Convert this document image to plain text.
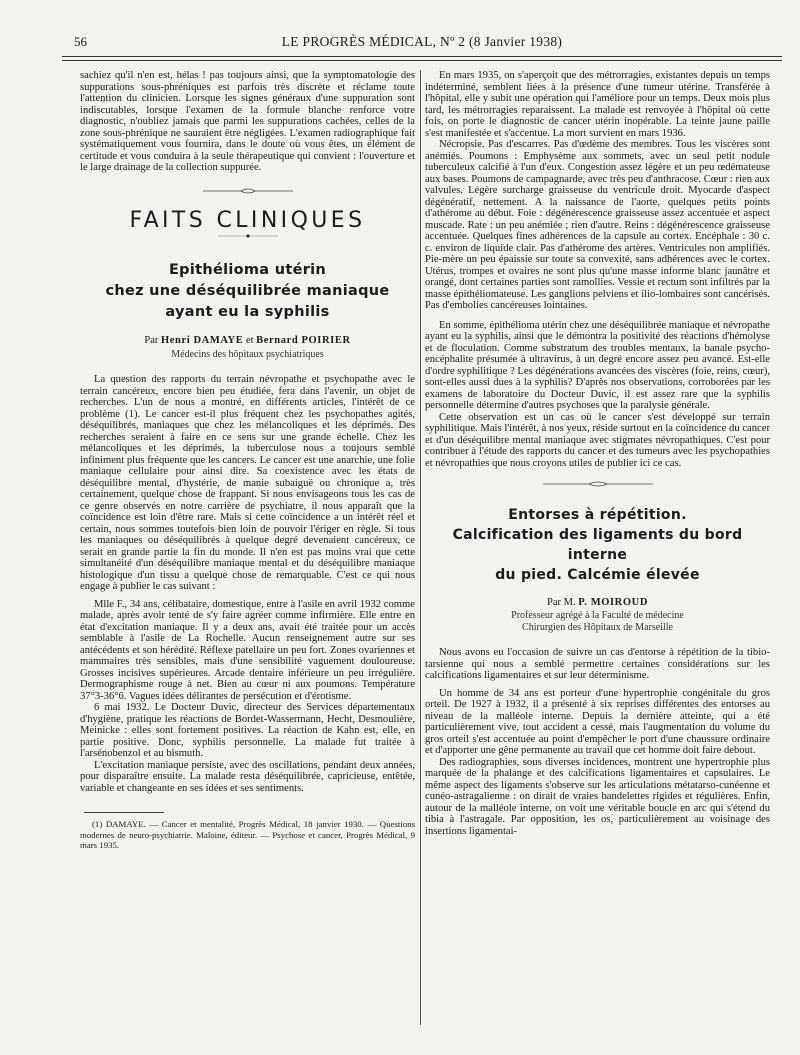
56	LE PROGRÈS MÉDICAL, Nº 2 (8 Janvier 1938)

sachiez qu'il n'en est, hélas ! pas toujours ainsi, que la symptomatologie des suppurations sous-phréniques est parfois très discrète et réclame toute l'attention du clinicien. Lorsque les signes généraux d'une suppuration sont indiscutables, lorsque l'examen de la formule blanche renforce votre diagnostic, n'oubliez jamais que parmi les suppurations cachées, celles de la zone sous-phrénique ne sauraient être négligées. L'examen radiographique fait systématiquement vous fournira, dans le doute où vous êtes, un élément de certitude et vous conduira à la seule thérapeutique qui convient : l'ouverture et le large drainage de la collection suppurée.

FAITS CLINIQUES
Epithélioma utérin
chez une déséquilibrée maniaque
ayant eu la syphilis
Par Henri DAMAYE et Bernard POIRIER
Médecins des hôpitaux psychiatriques

La question des rapports du terrain névropathe et psychopathe avec le terrain cancéreux, encore bien peu étudiée, fera dans l'avenir, un objet de recherches. L'un de nous a montré, en différents articles, l'intérêt de ce problème (1). Le cancer est-il plus fréquent chez les psychopathes agités, déséquilibrés, maniaques que chez les mélancoliques et les déprimés. Des recherches seraient à faire en ce sens sur une grande échelle. Chez les mélancoliques et les déprimés, la tuberculose nous a toujours semblé infiniment plus fréquente que les cancers. Le cancer est une anarchie, une folie maniaque cellulaire pour ainsi dire. Sa coexistence avec les états de déséquilibre mental, d'hystérie, de manie subaiguë ou chronique a, très certainement, quelque chose de frappant. Si nous envisageons tous les cas de ce genre observés en notre carrière de psychiatre, il nous apparaît que la coïncidence est loin d'être rare. Mais si cette coïncidence a un intérêt réel et certain, nous sommes toutefois bien loin de pouvoir l'ériger en règle. Si tous les maniaques ou déséquilibrés à quelque degré devenaient cancéreux, ce serait en grande partie la fin du monde. Il n'en est pas moins vrai que cette simultanéité d'un déséquilibre maniaque mental et du déséquilibre maniaque histologique d'un tissu a quelque chose de remarquable. C'est ce qui nous engage à publier le cas suivant :

Mlle F., 34 ans, célibataire, domestique, entre à l'asile en avril 1932 comme malade, après avoir tenté de s'y faire agréer comme infirmière. Elle entre en état d'excitation maniaque. Il y a deux ans, avait été traitée pour un accès semblable à l'asile de La Rochelle. Aucun renseignement autre sur ses antécédents et son hérédité. Réflexe patellaire un peu fort. Zones ovariennes et mammaires très sensibles, mais d'une sensibilité vaguement douloureuse. Grosses incisives supérieures. Arcade dentaire inférieure un peu irrégulière. Dermographisme rouge à net. Bien au cœur ni aux poumons. Température 37°3-36°6. Vagues idées délirantes de persécution et d'érotisme.

6 mai 1932. Le Docteur Duvic, directeur des Services départementaux d'hygiène, pratique les réactions de Bordet-Wassermann, Hecht, Desmoulière, Meinicke : elles sont fortement positives. La réaction de Kahn est, elle, en partie positive. Donc, syphilis personnelle. La malade fut traitée à l'arsénobenzol et au bismuth.

L'excitation maniaque persiste, avec des oscillations, pendant deux années, pour disparaître ensuite. La malade resta déséquilibrée, capricieuse, entêtée, variable et changeante en ses idées et ses sentiments.

(1) DAMAYE. — Cancer et mentalité, Progrès Médical, 18 janvier 1930. — Questions modernes de neuro-psychiatrie. Maloine, éditeur. — Psychose et cancer, Progrès Médical, 9 mars 1935.

En mars 1935, on s'aperçoit que des métrorragies, existantes depuis un temps indéterminé, semblent liées à la présence d'une tumeur utérine. Transférée à l'hôpital, elle y subit une opération qui l'améliore pour un temps. Deux mois plus tard, les métrorragies reparaissent. La malade est renvoyée à l'hôpital où cette fois, on porte le diagnostic de cancer utérin inopérable. La teinte jaune paille s'est manifestée et s'accentue. La mort survient en mars 1936.

Nécropsie. Pas d'escarres. Pas d'œdème des membres. Tous les viscères sont anémiés. Poumons : Emphysème aux sommets, avec un seul petit nodule tuberculeux calcifié à l'un d'eux. Congestion assez légère et un peu œdémateuse aux bases. Poumons de campagnarde, avec très peu d'anthracose. Cœur : rien aux valvules. Légère surcharge graisseuse du ventricule droit. Myocarde d'aspect dégénératif, nettement. A la naissance de l'aorte, quelques petits points d'athérome au début. Foie : dégénérescence graisseuse assez accentuée et aspect muscade. Rate : un peu anémiée ; rien d'autre. Reins : dégénérescence graisseuse accentuée. Quelques fines adhérences de la capsule au cortex. Encéphale : 30 c. c. environ de liquide clair. Pas d'athérome des artères. Ventricules non amplifiés. Pie-mère un peu épaissie sur toute sa convexité, sans adhérences avec le cortex. Utérus, trompes et ovaires ne sont plus qu'une masse informe blanc jaunâtre et orangé, dont certaines parties sont ramollies. Vessie et rectum sont infiltrés par la masse épithéliomateuse. Les ganglions pelviens et ilio-lombaires sont cancérisés. Pas d'embolies cancéreuses lointaines.

En somme, épithélioma utérin chez une déséquilibrée maniaque et névropathe ayant eu la syphilis, ainsi que le démontra la positivité des réactions d'hémolyse et de floculation. Comme substratum des troubles mentaux, la banale psycho-encéphalite présumée à ultravirus, à un degré encore assez peu avancé. Est-elle d'ordre syphilitique ? Les dégénérations avancées des viscères (foie, reins, cœur), sont-elles aussi dues à la syphilis? D'après nos observations, corroborées par les examens de laboratoire du Docteur Duvic, il est assez rare que la syphilis personnelle détermine d'autres psychoses que la paralysie générale.

Cette observation est un cas où le cancer s'est développé sur terrain syphilitique. Mais l'intérêt, à nos yeux, réside surtout en la coïncidence du cancer et d'un déséquilibre mental maniaque avec stigmates névropathiques. C'est pour contribuer à l'étude des rapports du cancer et des tumeurs avec les psychopathies et névropathies que nous croyons utiles de publier ici ce cas.

Entorses à répétition.
Calcification des ligaments du bord interne
du pied. Calcémie élevée
Par M. P. MOIROUD
Professeur agrégé à la Faculté de médecine
Chirurgien des Hôpitaux de Marseille

Nous avons eu l'occasion de suivre un cas d'entorse à répétition de la tibio-tarsienne qui nous a semblé permettre certaines considérations sur les calcifications ligamentaires et sur leur déterminisme.

Un homme de 34 ans est porteur d'une hypertrophie congénitale du gros orteil. De 1927 à 1932, il a présenté à six reprises différentes des entorses au niveau de la malléole interne. Depuis la dernière atteinte, qui a été particulièrement vive, tout accident a cessé, mais l'augmentation du volume du gros orteil s'est accentuée au point d'empêcher le port d'une chaussure ordinaire et d'apporter une gêne permanente au travail que cet homme doit faire debout.

Des radiographies, sous diverses incidences, montrent une hypertrophie plus marquée de la phalange et des calcifications ligamentaires et capsulaires. Le même aspect des ligaments s'observe sur les articulations métatarso-cunéenne et cunéo-astragalienne : on dirait de vraies bandelettes rigides et régulières. Enfin, autour de la malléole interne, on voit une véritable boucle en arc qui s'étend du tibia à l'astragale. Par opposition, les os, particulièrement au voisinage des insertions ligamentai-
